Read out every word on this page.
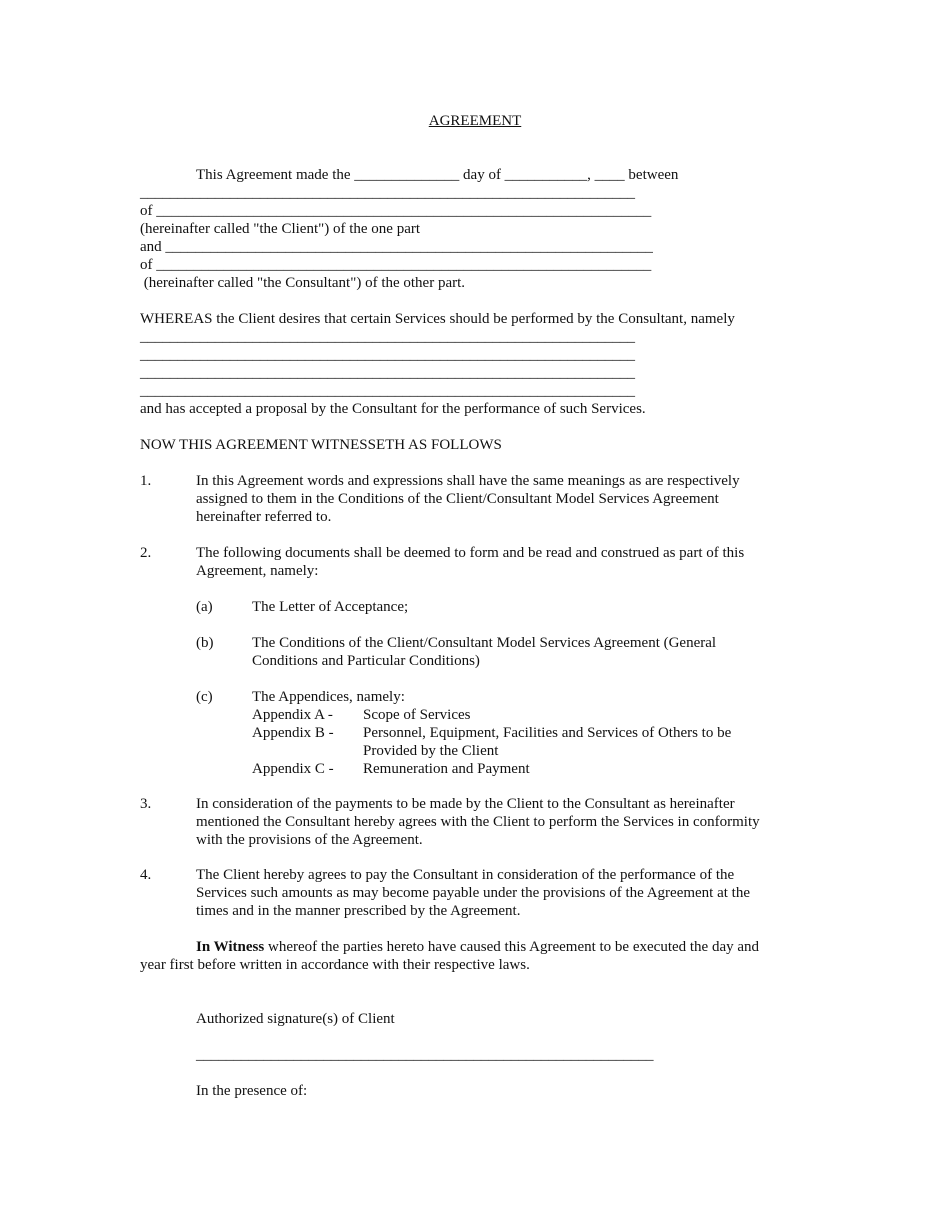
AGREEMENT
This Agreement made the ______________ day of ___________, ____ between
__________________________________________________________________
of __________________________________________________________________
(hereinafter called "the Client") of the one part
and _________________________________________________________________
of __________________________________________________________________
(hereinafter called "the Consultant") of the other part.
WHEREAS the Client desires that certain Services should be performed by the Consultant, namely
__________________________________________________________________
__________________________________________________________________
__________________________________________________________________
__________________________________________________________________
and has accepted a proposal by the Consultant for the performance of such Services.
NOW THIS AGREEMENT WITNESSETH AS FOLLOWS
1.	In this Agreement words and expressions shall have the same meanings as are respectively
assigned to them in the Conditions of the Client/Consultant Model Services Agreement
hereinafter referred to.
2.	The following documents shall be deemed to form and be read and construed as part of this
Agreement, namely:
(a)	The Letter of Acceptance;
(b)	The Conditions of the Client/Consultant Model Services Agreement (General
Conditions and Particular Conditions)
(c)	The Appendices, namely:
Appendix A - Scope of Services
Appendix B - Personnel, Equipment, Facilities and Services of Others to be
Provided by the Client
Appendix C - Remuneration and Payment
3.	In consideration of the payments to be made by the Client to the Consultant as hereinafter
mentioned the Consultant hereby agrees with the Client to perform the Services in conformity
with the provisions of the Agreement.
4.	The Client hereby agrees to pay the Consultant in consideration of the performance of the
Services such amounts as may become payable under the provisions of the Agreement at the
times and in the manner prescribed by the Agreement.
In Witness whereof the parties hereto have caused this Agreement to be executed the day and
year first before written in accordance with their respective laws.
Authorized signature(s) of Client
_____________________________________________________________
In the presence of:
